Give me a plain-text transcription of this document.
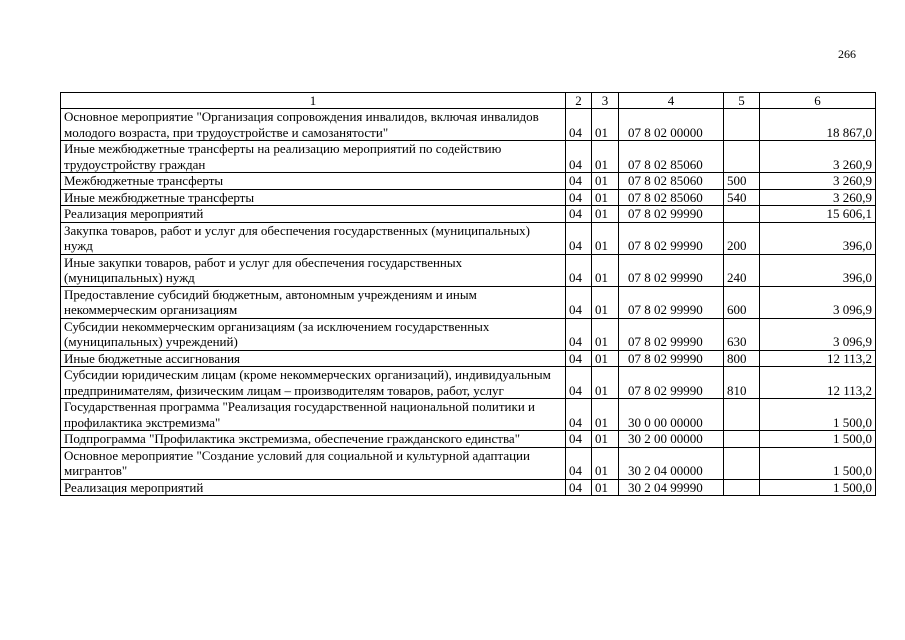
266
1	2	3	4	5	6
Основное мероприятие "Организация сопровождения инвалидов, включая инвалидов молодого возраста, при трудоустройстве и самозанятости"	04	01	07 8 02 00000		18 867,0
Иные межбюджетные трансферты на реализацию мероприятий по содействию трудоустройству граждан	04	01	07 8 02 85060		3 260,9
Межбюджетные трансферты	04	01	07 8 02 85060	500	3 260,9
Иные межбюджетные трансферты	04	01	07 8 02 85060	540	3 260,9
Реализация мероприятий	04	01	07 8 02 99990		15 606,1
Закупка товаров, работ и услуг для обеспечения государственных (муниципальных) нужд	04	01	07 8 02 99990	200	396,0
Иные закупки товаров, работ и услуг для обеспечения государственных (муниципальных) нужд	04	01	07 8 02 99990	240	396,0
Предоставление субсидий бюджетным, автономным учреждениям и иным некоммерческим организациям	04	01	07 8 02 99990	600	3 096,9
Субсидии некоммерческим организациям (за исключением государственных (муниципальных) учреждений)	04	01	07 8 02 99990	630	3 096,9
Иные бюджетные ассигнования	04	01	07 8 02 99990	800	12 113,2
Субсидии юридическим лицам (кроме некоммерческих организаций), индивидуальным предпринимателям, физическим лицам – производителям товаров, работ, услуг	04	01	07 8 02 99990	810	12 113,2
Государственная программа "Реализация государственной национальной политики и профилактика экстремизма"	04	01	30 0 00 00000		1 500,0
Подпрограмма "Профилактика экстремизма, обеспечение гражданского единства"	04	01	30 2 00 00000		1 500,0
Основное мероприятие "Создание условий для социальной и культурной адаптации мигрантов"	04	01	30 2 04 00000		1 500,0
Реализация мероприятий	04	01	30 2 04 99990		1 500,0
